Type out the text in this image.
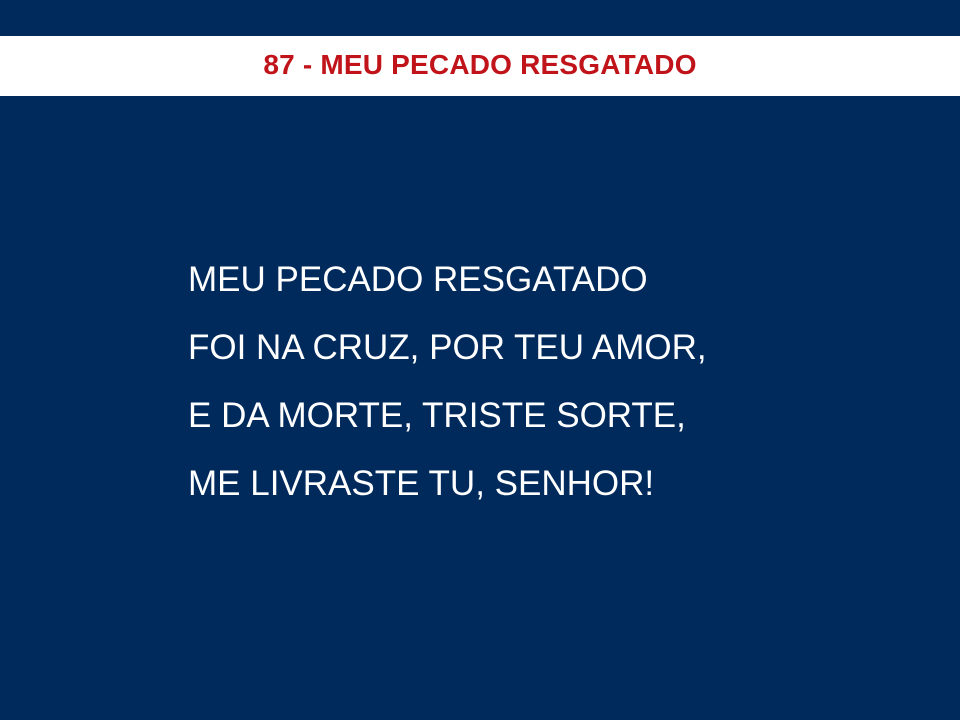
87 - MEU PECADO RESGATADO
MEU PECADO RESGATADO
FOI NA CRUZ, POR TEU AMOR,
E DA MORTE, TRISTE SORTE,
ME LIVRASTE TU, SENHOR!
